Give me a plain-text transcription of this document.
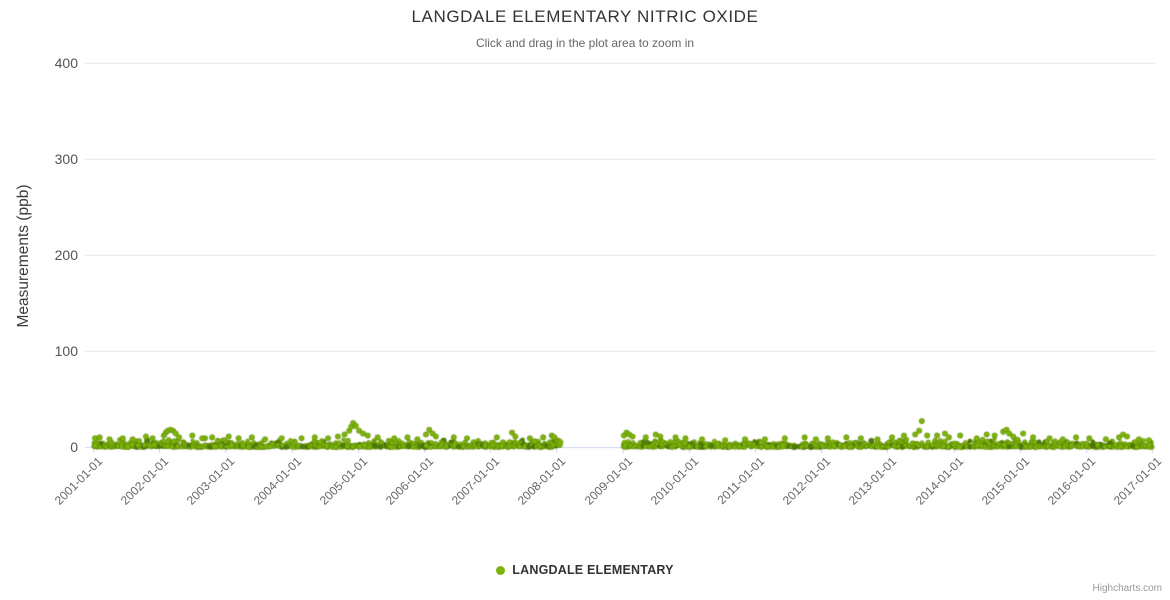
0
100
200
300
400
2001-01-01	2002-01-01	2003-01-01	2004-01-01	2005-01-01	2006-01-01	2007-01-01	2008-01-01	2009-01-01	2010-01-01	2011-01-01	2012-01-01	2013-01-01	2014-01-01	2015-01-01	2016-01-01	2017-01-01
LANGDALE ELEMENTARY
Highcharts.com
